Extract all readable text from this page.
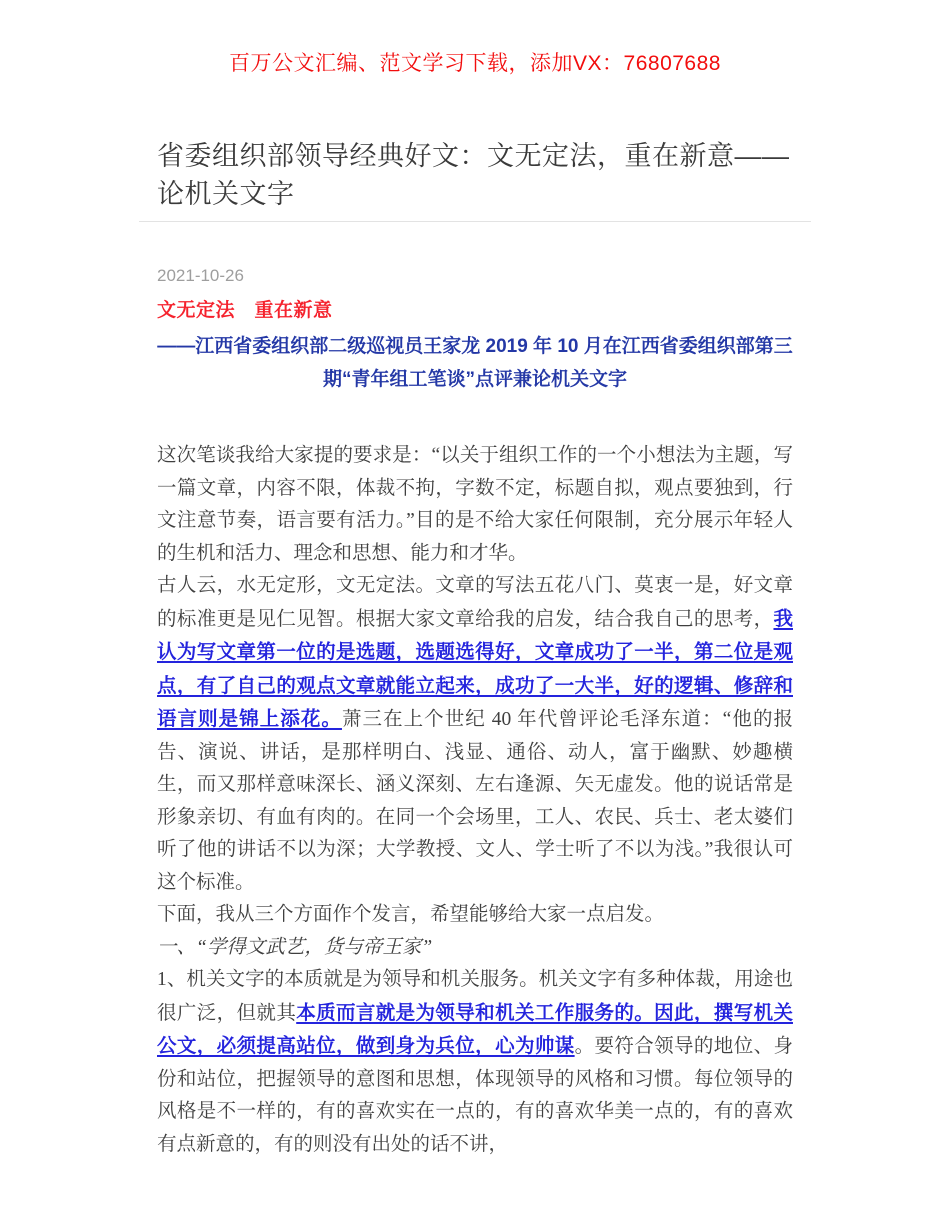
百万公文汇编、范文学习下载，添加VX：76807688
省委组织部领导经典好文：文无定法，重在新意——论机关文字
2021-10-26
文无定法　重在新意
——江西省委组织部二级巡视员王家龙 2019 年 10 月在江西省委组织部第三期“青年组工笔谈”点评兼论机关文字

这次笔谈我给大家提的要求是：“以关于组织工作的一个小想法为主题，写一篇文章，内容不限，体裁不拘，字数不定，标题自拟，观点要独到，行文注意节奏，语言要有活力。”目的是不给大家任何限制，充分展示年轻人的生机和活力、理念和思想、能力和才华。

古人云，水无定形，文无定法。文章的写法五花八门、莫衷一是，好文章的标准更是见仁见智。根据大家文章给我的启发，结合我自己的思考，我认为写文章第一位的是选题，选题选得好，文章成功了一半，第二位是观点，有了自己的观点文章就能立起来，成功了一大半，好的逻辑、修辞和语言则是锦上添花。萧三在上个世纪 40 年代曾评论毛泽东道：“他的报告、演说、讲话，是那样明白、浅显、通俗、动人，富于幽默、妙趣横生，而又那样意味深长、涵义深刻、左右逢源、矢无虚发。他的说话常是形象亲切、有血有肉的。在同一个会场里，工人、农民、兵士、老太婆们听了他的讲话不以为深；大学教授、文人、学士听了不以为浅。”我很认可这个标准。

下面，我从三个方面作个发言，希望能够给大家一点启发。

一、“学得文武艺，货与帝王家”

1、机关文字的本质就是为领导和机关服务。机关文字有多种体裁，用途也很广泛，但就其本质而言就是为领导和机关工作服务的。因此，撰写机关公文，必须提高站位，做到身为兵位，心为帅谋。要符合领导的地位、身份和站位，把握领导的意图和思想，体现领导的风格和习惯。每位领导的风格是不一样的，有的喜欢实在一点的，有的喜欢华美一点的，有的喜欢有点新意的，有的则没有出处的话不讲，
